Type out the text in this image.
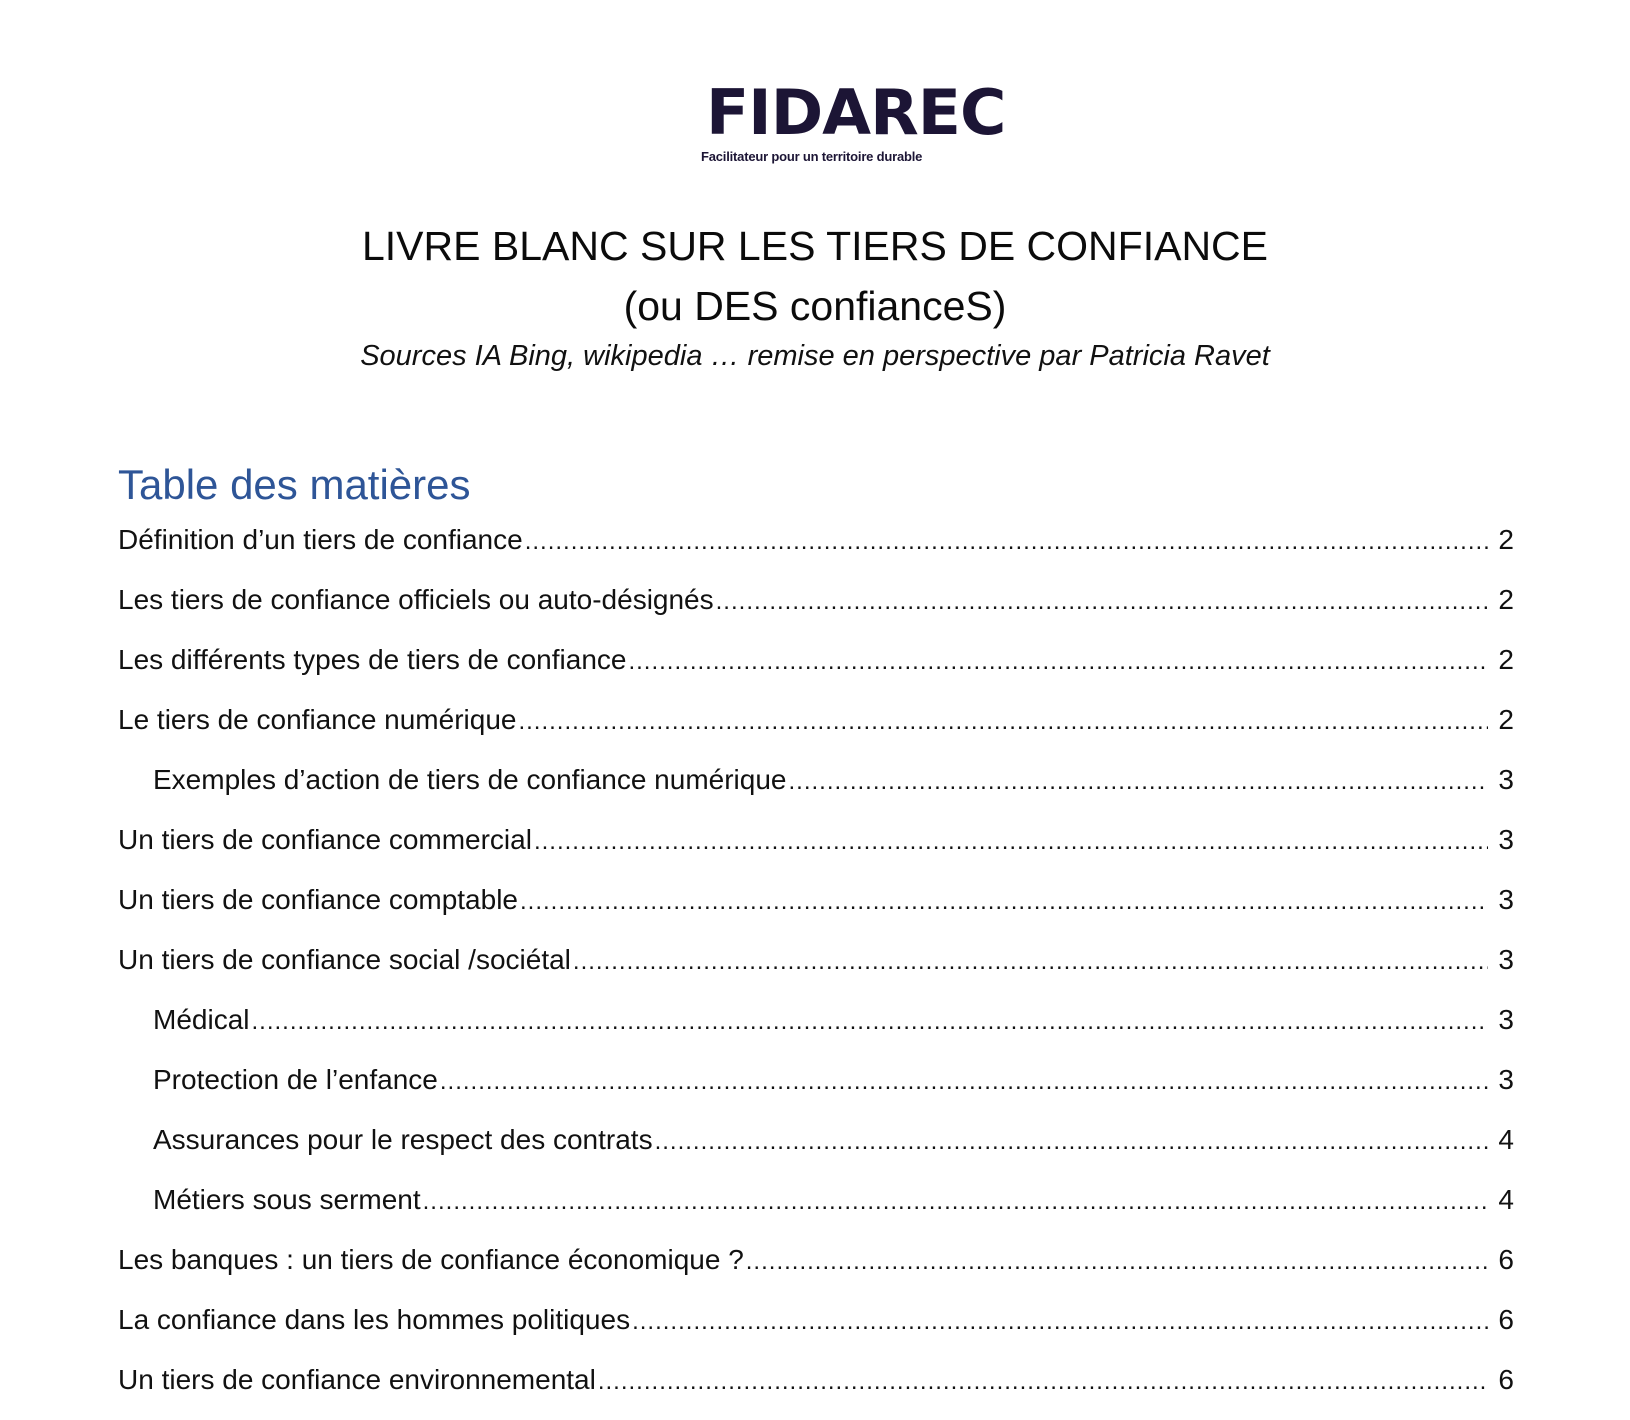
FIDAREC
Facilitateur pour un territoire durable
LIVRE BLANC SUR LES TIERS DE CONFIANCE
(ou DES confianceS)
Sources IA Bing, wikipedia … remise en perspective par Patricia Ravet
Table des matières
Définition d’un tiers de confiance .....	2
Les tiers de confiance officiels ou auto-désignés .....	2
Les différents types de tiers de confiance .....	2
Le tiers de confiance numérique .....	2
Exemples d’action de tiers de confiance numérique .....	3
Un tiers de confiance commercial .....	3
Un tiers de confiance comptable .....	3
Un tiers de confiance social /sociétal .....	3
Médical .....	3
Protection de l’enfance .....	3
Assurances pour le respect des contrats .....	4
Métiers sous serment .....	4
Les banques : un tiers de confiance économique ? .....	6
La confiance dans les hommes politiques .....	6
Un tiers de confiance environnemental .....	6
